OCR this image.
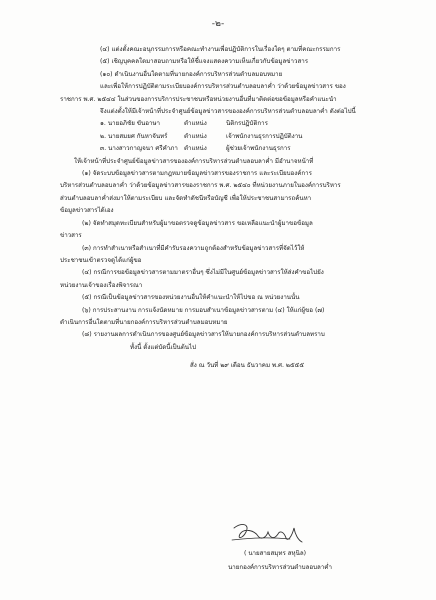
-๒-
(๔) แต่งตั้งคณะอนุกรรมการหรือคณะทำงานเพื่อปฏิบัติการในเรื่องใดๆ ตามที่คณะกรรมการ
(๕) เชิญบุคคลใดมาสอบถามหรือให้ชี้แจงแสดงความเห็นเกี่ยวกับข้อมูลข่าวสาร
(๑๐) ดำเนินงานอื่นใดตามที่นายกองค์การบริหารส่วนตำบลมอบหมาย
และเพื่อให้การปฏิบัติตามระเบียบองค์การบริหารส่วนตำบลอบลาค่ำ ว่าด้วยข้อมูลข่าวสาร ของ
ราชการ พ.ศ. ๒๕๔๔ ในส่วนของการบริการประชาชนหรือหน่วยงานอื่นที่มาติดต่อขอข้อมูลหรือคำแนะนำ
จึงแต่งตั้งให้มีเจ้าหน้าที่ประจำศูนย์ข้อมูลข่าวสารขององค์การบริหารส่วนตำบลอบลาค่ำ ดังต่อไปนี้
๑. นายอภิชัย ขันอาษา	ตำแหน่ง	นิติกรปฏิบัติการ
๒. นายสมยศ กันหาจันทร์	ตำแหน่ง	เจ้าพนักงานธุรการปฏิบัติงาน
๓. นางสาวกาญจนา ศรีคำภา ตำแหน่ง	ผู้ช่วยเจ้าพนักงานธุรการ
ให้เจ้าหน้าที่ประจำศูนย์ข้อมูลข่าวสารขององค์การบริหารส่วนตำบลอบลาค่ำ มีอำนาจหน้าที่
(๑) จัดระบบข้อมูลข่าวสารตามกฎหมายข้อมูลข่าวสารของราชการ และระเบียบองค์การ
บริหารส่วนตำบลอบลาค่ำ ว่าด้วยข้อมูลข่าวสารของราชการ พ.ศ. ๒๕๔๐ ที่หน่วยงานภายในองค์การบริหาร
ส่วนตำบลอบลาค่ำส่งมาให้ตามระเบียบ และจัดทำดัชนีหรือบัญชี เพื่อให้ประชาชนสามารถค้นหา
ข้อมูลข่าวสารได้เอง
(๒) จัดทำสมุดทะเบียนสำหรับผู้มาขอตรวจดูข้อมูลข่าวสาร ขอเหลือแนะนำผู้มาขอข้อมูล
ข่าวสาร
(๓) การทำสำเนาหรือสำเนาที่มีคำรับรองความถูกต้องสำหรับข้อมูลข่าวสารที่จัดไว้ให้
ประชาชนเข้าตรวจดูได้แก่ผู้ขอ
(๔) กรณีการขอข้อมูลข่าวสารตามมาตราอื่นๆ ซึ่งไม่มีในศูนย์ข้อมูลข่าวสารให้ส่งคำขอไปยัง
หน่วยงานเจ้าของเรื่องพิจารณา
(๕) กรณีเป็นข้อมูลข่าวสารของหน่วยงานอื่นให้คำแนะนำให้ไปขอ ณ หน่วยงานนั้น
(๖) การประสานงาน การแจ้งนัดหมาย การมอบสำเนาข้อมูลข่าวสารตาม (๔) ให้แก่ผู้ขอ (๗)
ดำเนินการอื่นใดตามที่นายกองค์การบริหารส่วนตำบลมอบหมาย
(๘) รายงานผลการดำเนินการของศูนย์ข้อมูลข่าวสารให้นายกองค์การบริหารส่วนตำบลทราบ
ทั้งนี้ ตั้งแต่บัดนี้เป็นต้นไป
สั่ง ณ วันที่ ๒๙ เดือน ธันวาคม พ.ศ. ๒๕๕๕
( นายสายสมุทร สหุนิล)
นายกองค์การบริหารส่วนตำบลอบลาค่ำ
